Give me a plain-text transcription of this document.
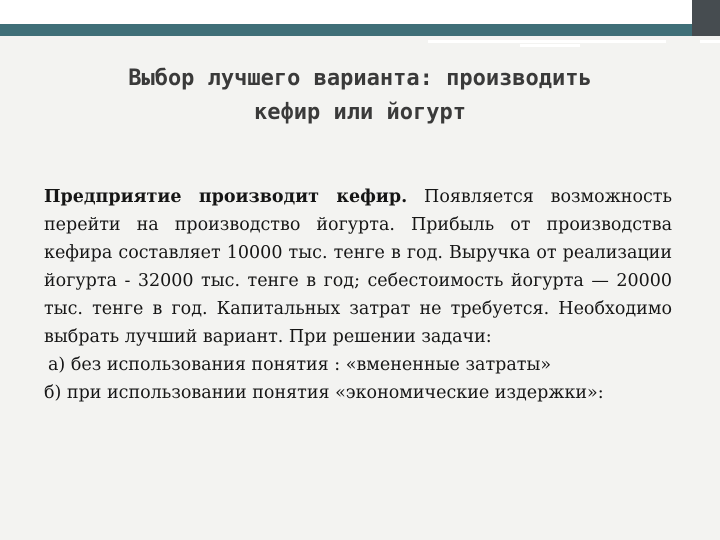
Выбор лучшего варианта: производить
кефир или йогурт

Предприятие производит кефир. Появляется возможность перейти на производство йогурта. Прибыль от производства кефира составляет 10000 тыс. тенге в год. Выручка от реализации йогурта - 32000 тыс. тенге в год; себестоимость йогурта — 20000 тыс. тенге в год. Капитальных затрат не требуется. Необходимо выбрать лучший вариант. При решении задачи:

а) без использования понятия : «вмененные затраты»

б) при использовании понятия «экономические издержки»:
